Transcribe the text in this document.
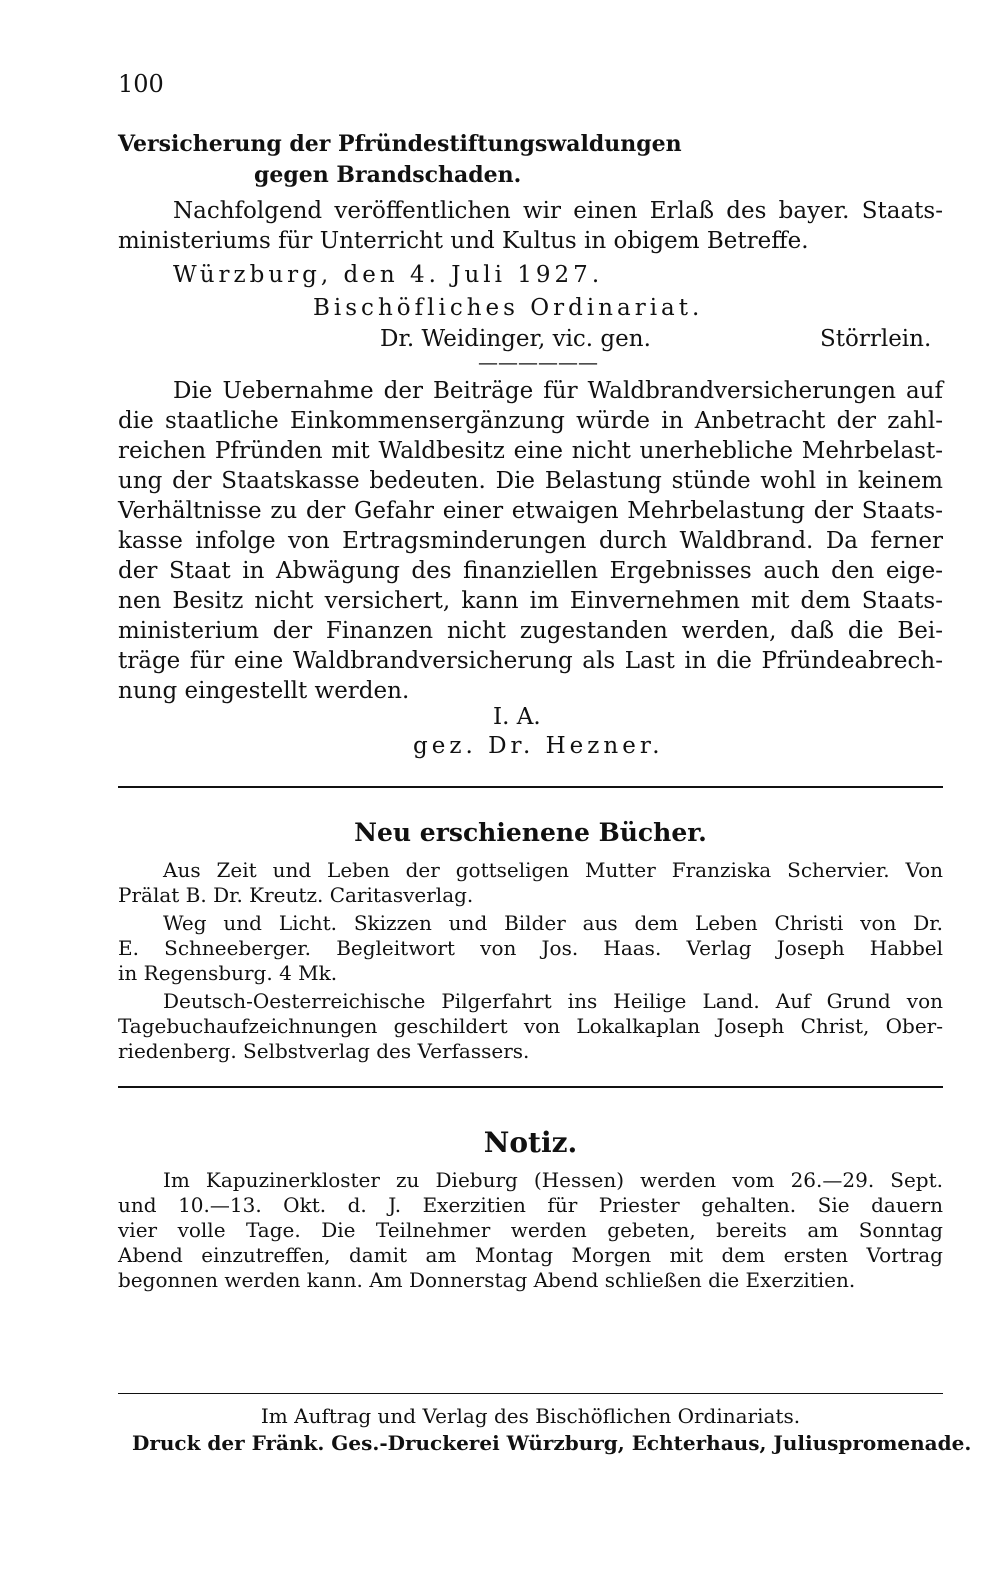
100
Versicherung der Pfründestiftungswaldungen
gegen Brandschaden.
Nachfolgend veröffentlichen wir einen Erlaß des bayer. Staats-
ministeriums für Unterricht und Kultus in obigem Betreffe.
Würzburg, den 4. Juli 1927.
Bischöfliches Ordinariat.
Dr. Weidinger, vic. gen.	Störrlein.
——————
Die Uebernahme der Beiträge für Waldbrandversicherungen auf
die staatliche Einkommensergänzung würde in Anbetracht der zahl-
reichen Pfründen mit Waldbesitz eine nicht unerhebliche Mehrbelast-
ung der Staatskasse bedeuten. Die Belastung stünde wohl in keinem
Verhältnisse zu der Gefahr einer etwaigen Mehrbelastung der Staats-
kasse infolge von Ertragsminderungen durch Waldbrand. Da ferner
der Staat in Abwägung des finanziellen Ergebnisses auch den eige-
nen Besitz nicht versichert, kann im Einvernehmen mit dem Staats-
ministerium der Finanzen nicht zugestanden werden, daß die Bei-
träge für eine Waldbrandversicherung als Last in die Pfründeabrech-
nung eingestellt werden.
I. A.
gez. Dr. Hezner.
Neu erschienene Bücher.
Aus Zeit und Leben der gottseligen Mutter Franziska Schervier. Von
Prälat B. Dr. Kreutz. Caritasverlag.
Weg und Licht. Skizzen und Bilder aus dem Leben Christi von Dr.
E. Schneeberger. Begleitwort von Jos. Haas. Verlag Joseph Habbel
in Regensburg. 4 Mk.
Deutsch-Oesterreichische Pilgerfahrt ins Heilige Land. Auf Grund von
Tagebuchaufzeichnungen geschildert von Lokalkaplan Joseph Christ, Ober-
riedenberg. Selbstverlag des Verfassers.
Notiz.
Im Kapuzinerkloster zu Dieburg (Hessen) werden vom 26.—29. Sept.
und 10.—13. Okt. d. J. Exerzitien für Priester gehalten. Sie dauern
vier volle Tage. Die Teilnehmer werden gebeten, bereits am Sonntag
Abend einzutreffen, damit am Montag Morgen mit dem ersten Vortrag
begonnen werden kann. Am Donnerstag Abend schließen die Exerzitien.
Im Auftrag und Verlag des Bischöflichen Ordinariats.
Druck der Fränk. Ges.-Druckerei Würzburg, Echterhaus, Juliuspromenade.
